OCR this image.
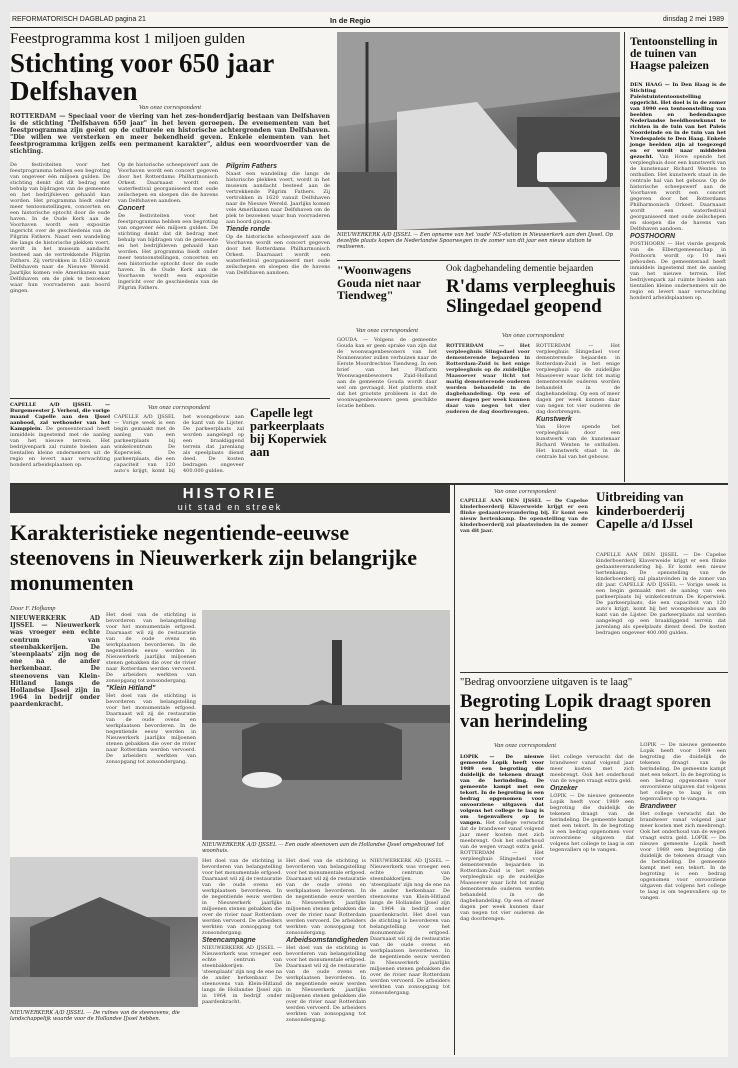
REFORMATORISCH DAGBLAD pagina 21	In de Regio	dinsdag 2 mei 1989
Feestprogramma kost 1 miljoen gulden
Stichting voor 650 jaar Delfshaven
Van onze correspondent
ROTTERDAM — Speciaal voor de viering van het zes-honderdjarig bestaan van Delfshaven is de stichting "Delfshaven 650 jaar" in het leven geroepen. De evenementen van het feestprogramma zijn geënt op de culturele en historische achtergronden van Delfshaven. "Die willen we versterken en meer bekendheid geven. Enkele elementen van het feestprogramma krijgen zelfs een permanent karakter", aldus een woordvoerder van de stichting.
De festiviteiten voor het feestprogramma hebben een begroting van ongeveer één miljoen gulden. De stichting denkt dat dit bedrag met behulp van bijdragen van de gemeente en het bedrijfsleven gehaald kan worden. Het programma biedt onder meer tentoonstellingen, concerten en een historische optocht door de oude haven. In de Oude Kerk aan de Voorhaven wordt een expositie ingericht over de geschiedenis van de Pilgrim Fathers. Naast een wandeling die langs de historische plekken voert, wordt in het museum aandacht besteed aan de vertrekkende Pilgrim Fathers. Zij vertrokken in 1620 vanuit Delfshaven naar de Nieuwe Wereld. Jaarlijks komen vele Amerikanen naar Delfshaven om de plek te bezoeken waar hun voorvaderen aan boord gingen.
Op de historische scheepswerf aan de Voorhaven wordt een concert gegeven door het Rotterdams Philharmonisch Orkest. Daarnaast wordt een waterfestival georganiseerd met oude zeilschepen en sloepen die de havens van Delfshaven aandoen.
Concert
De festiviteiten voor het feestprogramma hebben een begroting van ongeveer één miljoen gulden. De stichting denkt dat dit bedrag met behulp van bijdragen van de gemeente en het bedrijfsleven gehaald kan worden. Het programma biedt onder meer tentoonstellingen, concerten en een historische optocht door de oude haven. In de Oude Kerk aan de Voorhaven wordt een expositie ingericht over de geschiedenis van de Pilgrim Fathers.
Pilgrim Fathers
Naast een wandeling die langs de historische plekken voert, wordt in het museum aandacht besteed aan de vertrekkende Pilgrim Fathers. Zij vertrokken in 1620 vanuit Delfshaven naar de Nieuwe Wereld. Jaarlijks komen vele Amerikanen naar Delfshaven om de plek te bezoeken waar hun voorvaderen aan boord gingen.
Tiende ronde
Op de historische scheepswerf aan de Voorhaven wordt een concert gegeven door het Rotterdams Philharmonisch Orkest. Daarnaast wordt een waterfestival georganiseerd met oude zeilschepen en sloepen die de havens van Delfshaven aandoen.
CAPELLE A/D IJSSEL — Burgemeester J. Verheul, die vorige maand Capelle aan den IJssel aanbood, zal wethouder van het Kampplein. De gemeenteraad heeft inmiddels ingestemd met de aanleg van het nieuwe terrein. Het bedrijvenpark zal ruimte bieden aan tientallen kleine ondernemers uit de regio en levert naar verwachting honderd arbeidsplaatsen op.
Van onze correspondent
CAPELLE A/D IJSSEL — Vorige week is een begin gemaakt met de aanleg van een parkeerplaats bij winkelcentrum De Koperwiek. De parkeerplaats, die een capaciteit van 120 auto's krijgt, komt bij het woongebouw aan de kant van de Lijster. De parkeerplaats zal worden aangelegd op een braakliggend terrein dat jarenlang als speelplaats dienst deed. De kosten bedragen ongeveer 400.000 gulden.
Capelle legt parkeerplaats bij Koperwiek aan
NIEUWERKERK A/D IJSSEL — Een opname van het 'oude' NS-station in Nieuwerkerk aan den IJssel. Op dezelfde plaats kopen de Nederlandse Spoorwegen in de zomer van dit jaar een nieuw station te realiseren.
"Woonwagens Gouda niet naar Tiendweg"
Van onze correspondent
GOUDA — Volgens de gemeente Gouda kan er geen sprake van zijn dat de woonwagenbewoners van het Nonnenwater zullen verhuizen naar de Eerste Moordrechtse Tiendweg. In een brief van het Platform Woonwagenbewoners Zuid-Holland aan de gemeente Gouda wordt daar wel om gevraagd. Het platform stelt dat het grootste probleem is dat de woonwagenbewoners geen geschikte locatie hebben.
Ook dagbehandeling dementie bejaarden
R'dams verpleeghuis Slingedael geopend
Van onze correspondent
ROTTERDAM — Het verpleeghuis Slingedael voor dementerende bejaarden in Rotterdam-Zuid is het enige verpleeghuis op de zuidelijke Maasoever waar licht tot matig dementerende ouderen worden behandeld in de dagbehandeling. Op een of meer dagen per week kunnen daar van negen tot vier ouderen de dag doorbrengen.
ROTTERDAM — Het verpleeghuis Slingedael voor dementerende bejaarden in Rotterdam-Zuid is het enige verpleeghuis op de zuidelijke Maasoever waar licht tot matig dementerende ouderen worden behandeld in de dagbehandeling. Op een of meer dagen per week kunnen daar van negen tot vier ouderen de dag doorbrengen.
Kunstwerk
Van Hove opende het verpleeghuis door een kunstwerk van de kunstenaar Richard Wenten te onthullen. Het kunstwerk staat in de centrale hal van het gebouw.
Tentoonstelling in de tuinen van Haagse paleizen
DEN HAAG — In Den Haag is de Stichting Paleistuintentoonstelling opgericht. Het doel is in de zomer van 1990 een tentoonstelling van beelden en hedendaagse Nederlandse beeldhouwkunst te richten in de tuin van het Paleis Noordeinde en in de tuin van het Vredespaleis te Den Haag. Enkele jonge beelden zijn al toegezegd en er wordt naar middelen gezocht. Van Hove opende het verpleeghuis door een kunstwerk van de kunstenaar Richard Wenten te onthullen. Het kunstwerk staat in de centrale hal van het gebouw. Op de historische scheepswerf aan de Voorhaven wordt een concert gegeven door het Rotterdams Philharmonisch Orkest. Daarnaast wordt een waterfestival georganiseerd met oude zeilschepen en sloepen die de havens van Delfshaven aandoen.
POSTHOORN
POSTHOORN — Het vierde gesprek van de Elbertgemeenschap in Posthoorn wordt op 10 mei gehouden. De gemeenteraad heeft inmiddels ingestemd met de aanleg van het nieuwe terrein. Het bedrijvenpark zal ruimte bieden aan tientallen kleine ondernemers uit de regio en levert naar verwachting honderd arbeidsplaatsen op.
HISTORIE
uit stad en streek
Karakteristieke negentiende-eeuwse steenovens in Nieuwerkerk zijn belangrijke monumenten
Door F. Hofkamp
NIEUWERKERK AD IJSSEL — Nieuwerkerk was vroeger een echte centrum van steenbakkerijen. De 'steenplaats' zijn nog de ene na de ander herkenbaar. De steenovens van Klein-Hitland langs de Hollandse IJssel zijn in 1964 in bedrijf onder paardenkracht.
Het doel van de stichting is bevorderen van belangstelling voor het monumentale erfgoed. Daarnaast wil zij de restauratie van de oude ovens en werkplaatsen bevorderen. In de negentiende eeuw werden in Nieuwerkerk jaarlijks miljoenen stenen gebakken die over de rivier naar Rotterdam werden vervoerd. De arbeiders werkten van zonsopgang tot zonsondergang.
"Klein Hitland"
Het doel van de stichting is bevorderen van belangstelling voor het monumentale erfgoed. Daarnaast wil zij de restauratie van de oude ovens en werkplaatsen bevorderen. In de negentiende eeuw werden in Nieuwerkerk jaarlijks miljoenen stenen gebakken die over de rivier naar Rotterdam werden vervoerd. De arbeiders werkten van zonsopgang tot zonsondergang.
NIEUWERKERK A/D IJSSEL — Een oude steenoven aan de Hollandse IJssel omgebouwd tot woonhuis.
NIEUWERKERK A/D IJSSEL — De ruïnes van de steenovens, die landschappelijk waarde voor de Hollandse IJssel hebben.
Het doel van de stichting is bevorderen van belangstelling voor het monumentale erfgoed. Daarnaast wil zij de restauratie van de oude ovens en werkplaatsen bevorderen. In de negentiende eeuw werden in Nieuwerkerk jaarlijks miljoenen stenen gebakken die over de rivier naar Rotterdam werden vervoerd. De arbeiders werkten van zonsopgang tot zonsondergang.
Steencampagne
NIEUWERKERK AD IJSSEL — Nieuwerkerk was vroeger een echte centrum van steenbakkerijen. De 'steenplaats' zijn nog de ene na de ander herkenbaar. De steenovens van Klein-Hitland langs de Hollandse IJssel zijn in 1964 in bedrijf onder paardenkracht.
Het doel van de stichting is bevorderen van belangstelling voor het monumentale erfgoed. Daarnaast wil zij de restauratie van de oude ovens en werkplaatsen bevorderen. In de negentiende eeuw werden in Nieuwerkerk jaarlijks miljoenen stenen gebakken die over de rivier naar Rotterdam werden vervoerd. De arbeiders werkten van zonsopgang tot zonsondergang.
Arbeidsomstandigheden
Het doel van de stichting is bevorderen van belangstelling voor het monumentale erfgoed. Daarnaast wil zij de restauratie van de oude ovens en werkplaatsen bevorderen. In de negentiende eeuw werden in Nieuwerkerk jaarlijks miljoenen stenen gebakken die over de rivier naar Rotterdam werden vervoerd. De arbeiders werkten van zonsopgang tot zonsondergang.
NIEUWERKERK AD IJSSEL — Nieuwerkerk was vroeger een echte centrum van steenbakkerijen. De 'steenplaats' zijn nog de ene na de ander herkenbaar. De steenovens van Klein-Hitland langs de Hollandse IJssel zijn in 1964 in bedrijf onder paardenkracht. Het doel van de stichting is bevorderen van belangstelling voor het monumentale erfgoed. Daarnaast wil zij de restauratie van de oude ovens en werkplaatsen bevorderen. In de negentiende eeuw werden in Nieuwerkerk jaarlijks miljoenen stenen gebakken die over de rivier naar Rotterdam werden vervoerd. De arbeiders werkten van zonsopgang tot zonsondergang.
Van onze correspondent
CAPELLE AAN DEN IJSSEL — De Capelse kinderboerderij Klaverweide krijgt er een flinke gedaanteverandering bij. Er komt een nieuw hertenkamp. De openstelling van de kinderboerderij zal plaatsvinden in de zomer van dit jaar.
Uitbreiding van kinderboerderij Capelle a/d IJssel
CAPELLE AAN DEN IJSSEL — De Capelse kinderboerderij Klaverweide krijgt er een flinke gedaanteverandering bij. Er komt een nieuw hertenkamp. De openstelling van de kinderboerderij zal plaatsvinden in de zomer van dit jaar. CAPELLE A/D IJSSEL — Vorige week is een begin gemaakt met de aanleg van een parkeerplaats bij winkelcentrum De Koperwiek. De parkeerplaats, die een capaciteit van 120 auto's krijgt, komt bij het woongebouw aan de kant van de Lijster. De parkeerplaats zal worden aangelegd op een braakliggend terrein dat jarenlang als speelplaats dienst deed. De kosten bedragen ongeveer 400.000 gulden.
"Bedrag onvoorziene uitgaven is te laag"
Begroting Lopik draagt sporen van herindeling
Van onze correspondent
LOPIK — De nieuwe gemeente Lopik heeft voor 1989 een begroting die duidelijk de tekenen draagt van de herindeling. De gemeente kampt met een tekort. In de begroting is een bedrag opgenomen voor onvoorziene uitgaven dat volgens het college te laag is om tegenvallers op te vangen. Het college verwacht dat de brandweer vanaf volgend jaar meer kosten met zich meebrengt. Ook het onderhoud van de wegen vraagt extra geld. ROTTERDAM — Het verpleeghuis Slingedael voor dementerende bejaarden in Rotterdam-Zuid is het enige verpleeghuis op de zuidelijke Maasoever waar licht tot matig dementerende ouderen worden behandeld in de dagbehandeling. Op een of meer dagen per week kunnen daar van negen tot vier ouderen de dag doorbrengen.
Het college verwacht dat de brandweer vanaf volgend jaar meer kosten met zich meebrengt. Ook het onderhoud van de wegen vraagt extra geld.
Onzeker
LOPIK — De nieuwe gemeente Lopik heeft voor 1989 een begroting die duidelijk de tekenen draagt van de herindeling. De gemeente kampt met een tekort. In de begroting is een bedrag opgenomen voor onvoorziene uitgaven dat volgens het college te laag is om tegenvallers op te vangen.
LOPIK — De nieuwe gemeente Lopik heeft voor 1989 een begroting die duidelijk de tekenen draagt van de herindeling. De gemeente kampt met een tekort. In de begroting is een bedrag opgenomen voor onvoorziene uitgaven dat volgens het college te laag is om tegenvallers op te vangen.
Brandweer
Het college verwacht dat de brandweer vanaf volgend jaar meer kosten met zich meebrengt. Ook het onderhoud van de wegen vraagt extra geld. LOPIK — De nieuwe gemeente Lopik heeft voor 1989 een begroting die duidelijk de tekenen draagt van de herindeling. De gemeente kampt met een tekort. In de begroting is een bedrag opgenomen voor onvoorziene uitgaven dat volgens het college te laag is om tegenvallers op te vangen.
